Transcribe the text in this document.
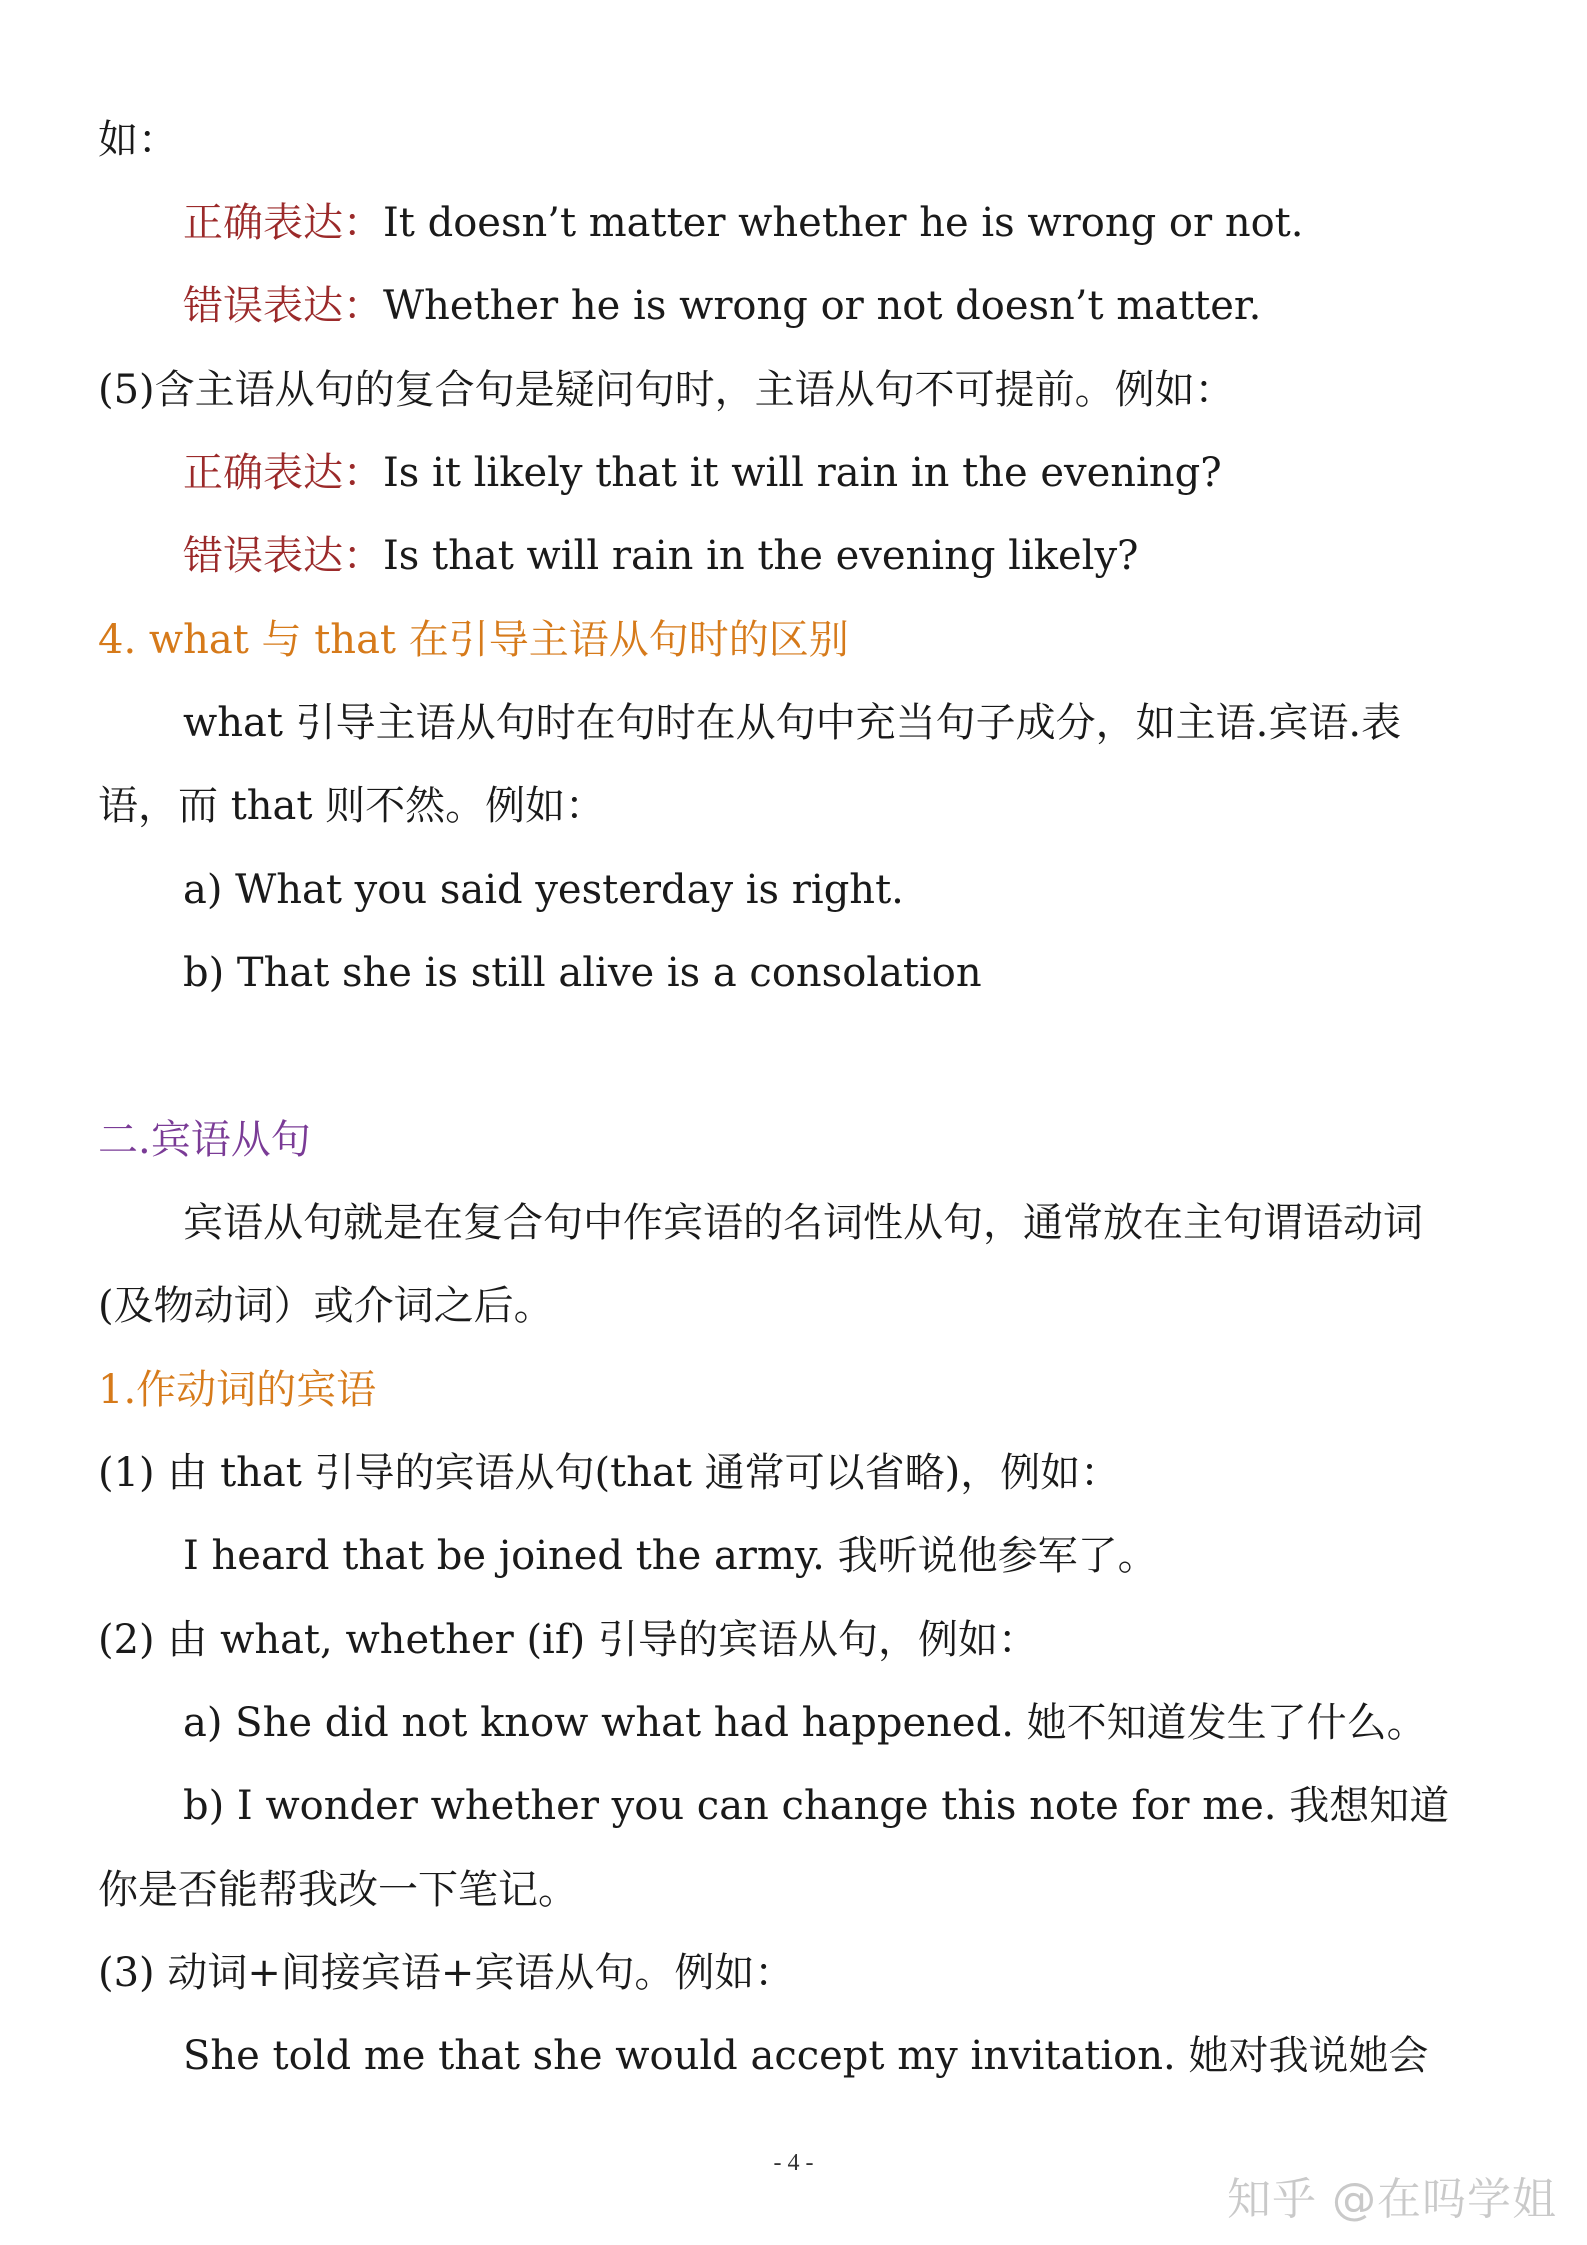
如：
正确表达：It doesn’t matter whether he is wrong or not.
错误表达：Whether he is wrong or not doesn’t matter.
(5)含主语从句的复合句是疑问句时，主语从句不可提前。例如：
正确表达：Is it likely that it will rain in the evening?
错误表达：Is that will rain in the evening likely?
4. what 与 that 在引导主语从句时的区别
what 引导主语从句时在句时在从句中充当句子成分，如主语.宾语.表
语，而 that 则不然。例如：
a) What you said yesterday is right.
b) That she is still alive is a consolation
二.宾语从句
宾语从句就是在复合句中作宾语的名词性从句，通常放在主句谓语动词
(及物动词）或介词之后。
1.作动词的宾语
(1) 由 that 引导的宾语从句(that 通常可以省略)，例如：
I heard that be joined the army. 我听说他参军了。
(2) 由 what, whether (if) 引导的宾语从句，例如：
a) She did not know what had happened. 她不知道发生了什么。
b) I wonder whether you can change this note for me. 我想知道
你是否能帮我改一下笔记。
(3) 动词+间接宾语+宾语从句。例如：
She told me that she would accept my invitation. 她对我说她会
- 4 -
知乎 @在吗学姐
